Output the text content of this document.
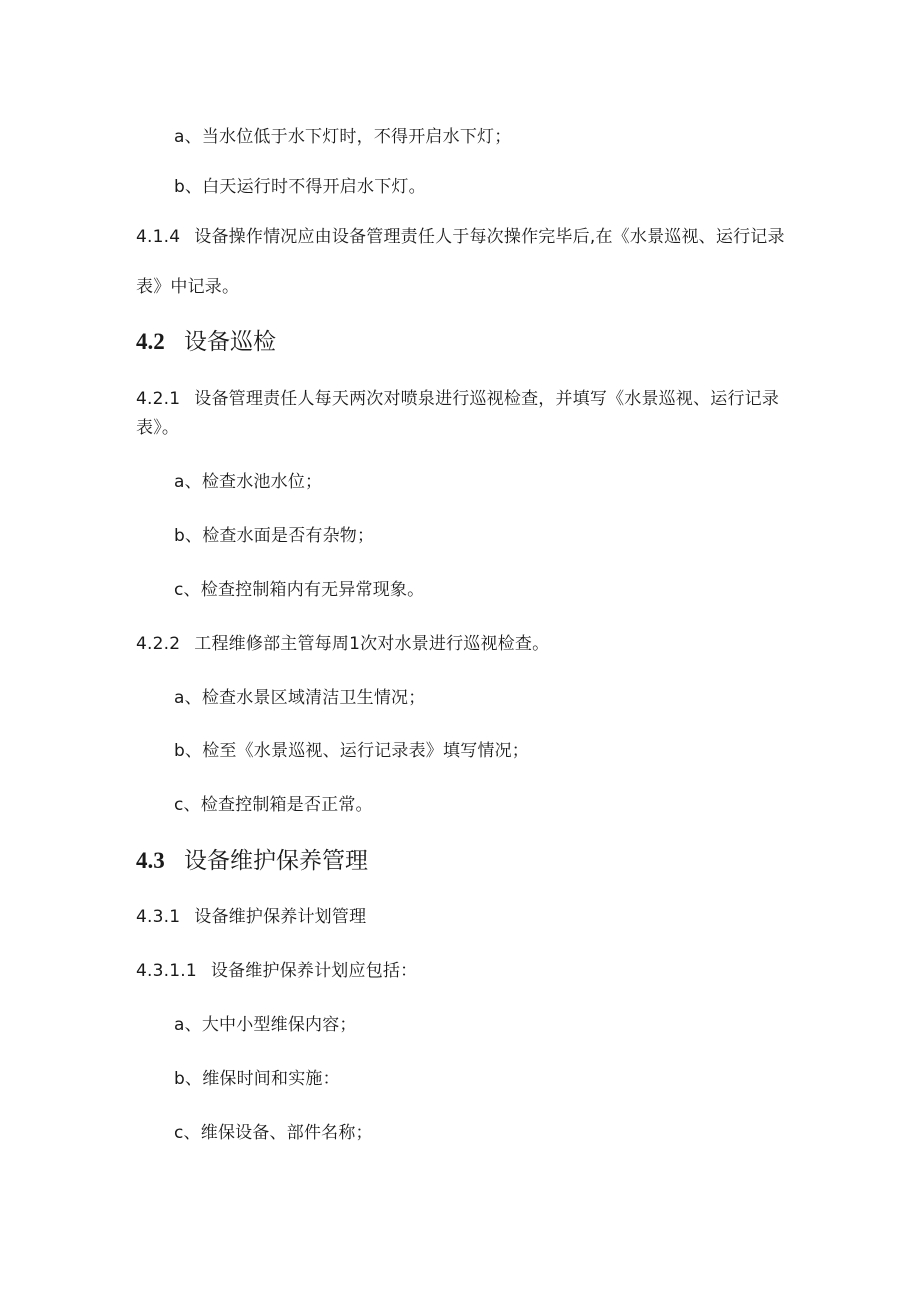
a、当水位低于水下灯时，不得开启水下灯；
b、白天运行时不得开启水下灯。
4.1.4 设备操作情况应由设备管理责任人于每次操作完毕后,在《水景巡视、运行记录
表》中记录。
4.2 设备巡检
4.2.1 设备管理责任人每天两次对喷泉进行巡视检查，并填写《水景巡视、运行记录
表》。
a、检查水池水位；
b、检查水面是否有杂物；
c、检查控制箱内有无异常现象。
4.2.2 工程维修部主管每周1次对水景进行巡视检查。
a、检查水景区域清洁卫生情况；
b、检至《水景巡视、运行记录表》填写情况；
c、检查控制箱是否正常。
4.3 设备维护保养管理
4.3.1 设备维护保养计划管理
4.3.1.1 设备维护保养计划应包括：
a、大中小型维保内容；
b、维保时间和实施：
c、维保设备、部件名称；
